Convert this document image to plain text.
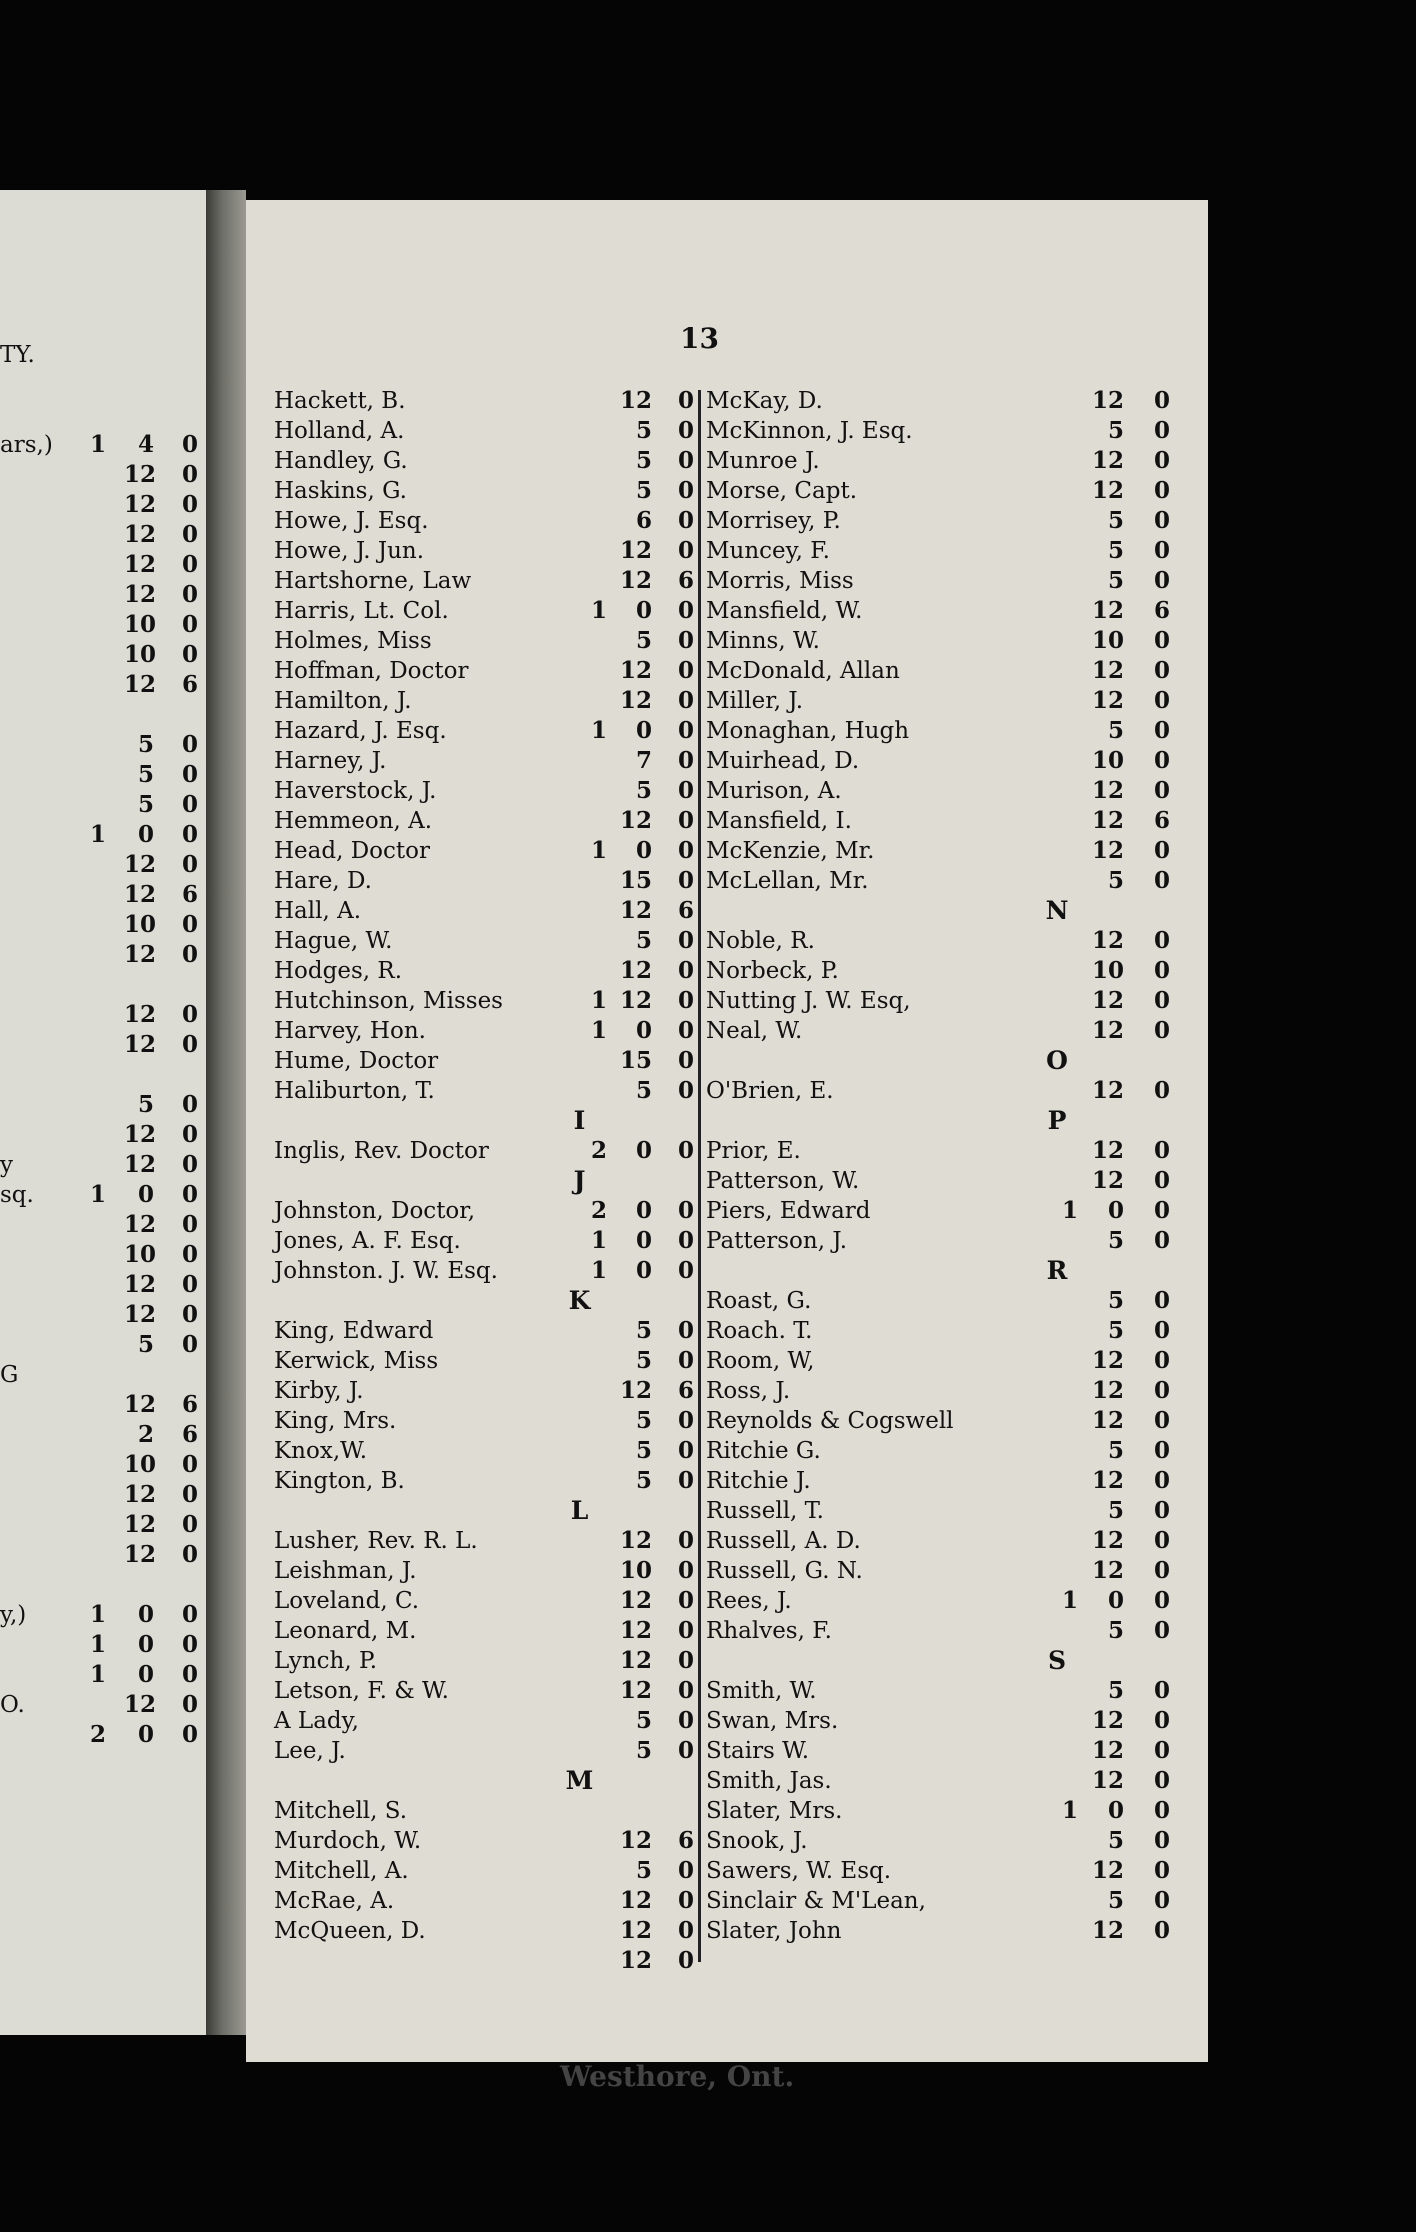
TY.
ars,)	1	4	0
12	0
12	0
12	0
12	0
12	0
10	0
10	0
12	6
5	0
5	0
5	0
1	0	0
12	0
12	6
10	0
12	0
12	0
12	0
5	0
12	0
y	12	0
sq.	1	0	0
12	0
10	0
12	0
12	0
5	0
G
12	6
2	6
10	0
12	0
12	0
12	0
y,)	1	0	0
1	0	0
1	0	0
O.	12	0
2	0	0
13
Hackett, B.	12	0
Holland, A.	5	0
Handley, G.	5	0
Haskins, G.	5	0
Howe, J. Esq.	6	0
Howe, J. Jun.	12	0
Hartshorne, Law	12	6
Harris, Lt. Col.	1	0	0
Holmes, Miss	5	0
Hoffman, Doctor	12	0
Hamilton, J.	12	0
Hazard, J. Esq.	1	0	0
Harney, J.	7	0
Haverstock, J.	5	0
Hemmeon, A.	12	0
Head, Doctor	1	0	0
Hare, D.	15	0
Hall, A.	12	6
Hague, W.	5	0
Hodges, R.	12	0
Hutchinson, Misses	1 12	0
Harvey, Hon.	1	0	0
Hume, Doctor	15	0
Haliburton, T.	5	0
I
Inglis, Rev. Doctor	2	0	0
J
Johnston, Doctor,	2	0	0
Jones, A. F. Esq.	1	0	0
Johnston. J. W. Esq.	1	0	0
K
King, Edward	5	0
Kerwick, Miss	5	0
Kirby, J.	12	6
King, Mrs.	5	0
Knox,W.	5	0
Kington, B.	5	0
L
Lusher, Rev. R. L.	12	0
Leishman, J.	10	0
Loveland, C.	12	0
Leonard, M.	12	0
Lynch, P.	12	0
Letson, F. & W.	12	0
A Lady,	5	0
Lee, J.	5	0
M
Mitchell, S.
Murdoch, W.	12	6
Mitchell, A.	5	0
McRae, A.	12	0
McQueen, D.	12	0
12	0
McKay, D.	12	0
McKinnon, J. Esq.	5	0
Munroe J.	12	0
Morse, Capt.	12	0
Morrisey, P.	5	0
Muncey, F.	5	0
Morris, Miss	5	0
Mansfield, W.	12	6
Minns, W.	10	0
McDonald, Allan	12	0
Miller, J.	12	0
Monaghan, Hugh	5	0
Muirhead, D.	10	0
Murison, A.	12	0
Mansfield, I.	12	6
McKenzie, Mr.	12	0
McLellan, Mr.	5	0
N
Noble, R.	12	0
Norbeck, P.	10	0
Nutting J. W. Esq,	12	0
Neal, W.	12	0
O
O'Brien, E.	12	0
P
Prior, E.	12	0
Patterson, W.	12	0
Piers, Edward	1	0	0
Patterson, J.	5	0
R
Roast, G.	5	0
Roach. T.	5	0
Room, W,	12	0
Ross, J.	12	0
Reynolds & Cogswell	12	0
Ritchie G.	5	0
Ritchie J.	12	0
Russell, T.	5	0
Russell, A. D.	12	0
Russell, G. N.	12	0
Rees, J.	1	0	0
Rhalves, F.	5	0
S
Smith, W.	5	0
Swan, Mrs.	12	0
Stairs W.	12	0
Smith, Jas.	12	0
Slater, Mrs.	1	0	0
Snook, J.	5	0
Sawers, W. Esq.	12	0
Sinclair & M'Lean,	5	0
Slater, John	12	0
Westhore, Ont.
